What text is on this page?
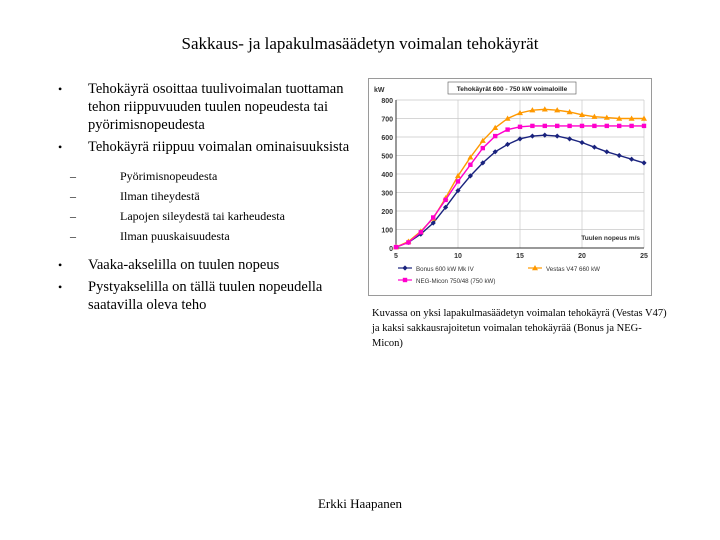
Sakkaus- ja lapakulmasäädetyn voimalan tehokäyrät
• Tehokäyrä osoittaa tuulivoimalan tuottaman tehon riippuvuuden tuulen nopeudesta tai pyörimisnopeudesta
• Tehokäyrä riippuu voimalan ominaisuuksista
–	Pyörimisnopeudesta
–	Ilman tiheydestä
–	Lapojen sileydestä tai karheudesta
–	Ilman puuskaisuudesta
• Vaaka-akselilla on tuulen nopeus
• Pystyakselilla on tällä tuulen nopeudella saatavilla oleva teho
0
100
200
300
400
500
600
700
800
5	10	15	20	25
kW	Tehokäyrät 600 - 750 kW voimaloille
Tuulen nopeus m/s
Bonus 600 kW Mk IV	Vestas V47 660 kW
NEG-Micon 750/48 (750 kW)
Kuvassa on yksi lapakulmasäädetyn voimalan tehokäyrä (Vestas V47) ja kaksi sakkausrajoitetun voimalan tehokäyrää (Bonus ja NEG-Micon)
Erkki Haapanen
